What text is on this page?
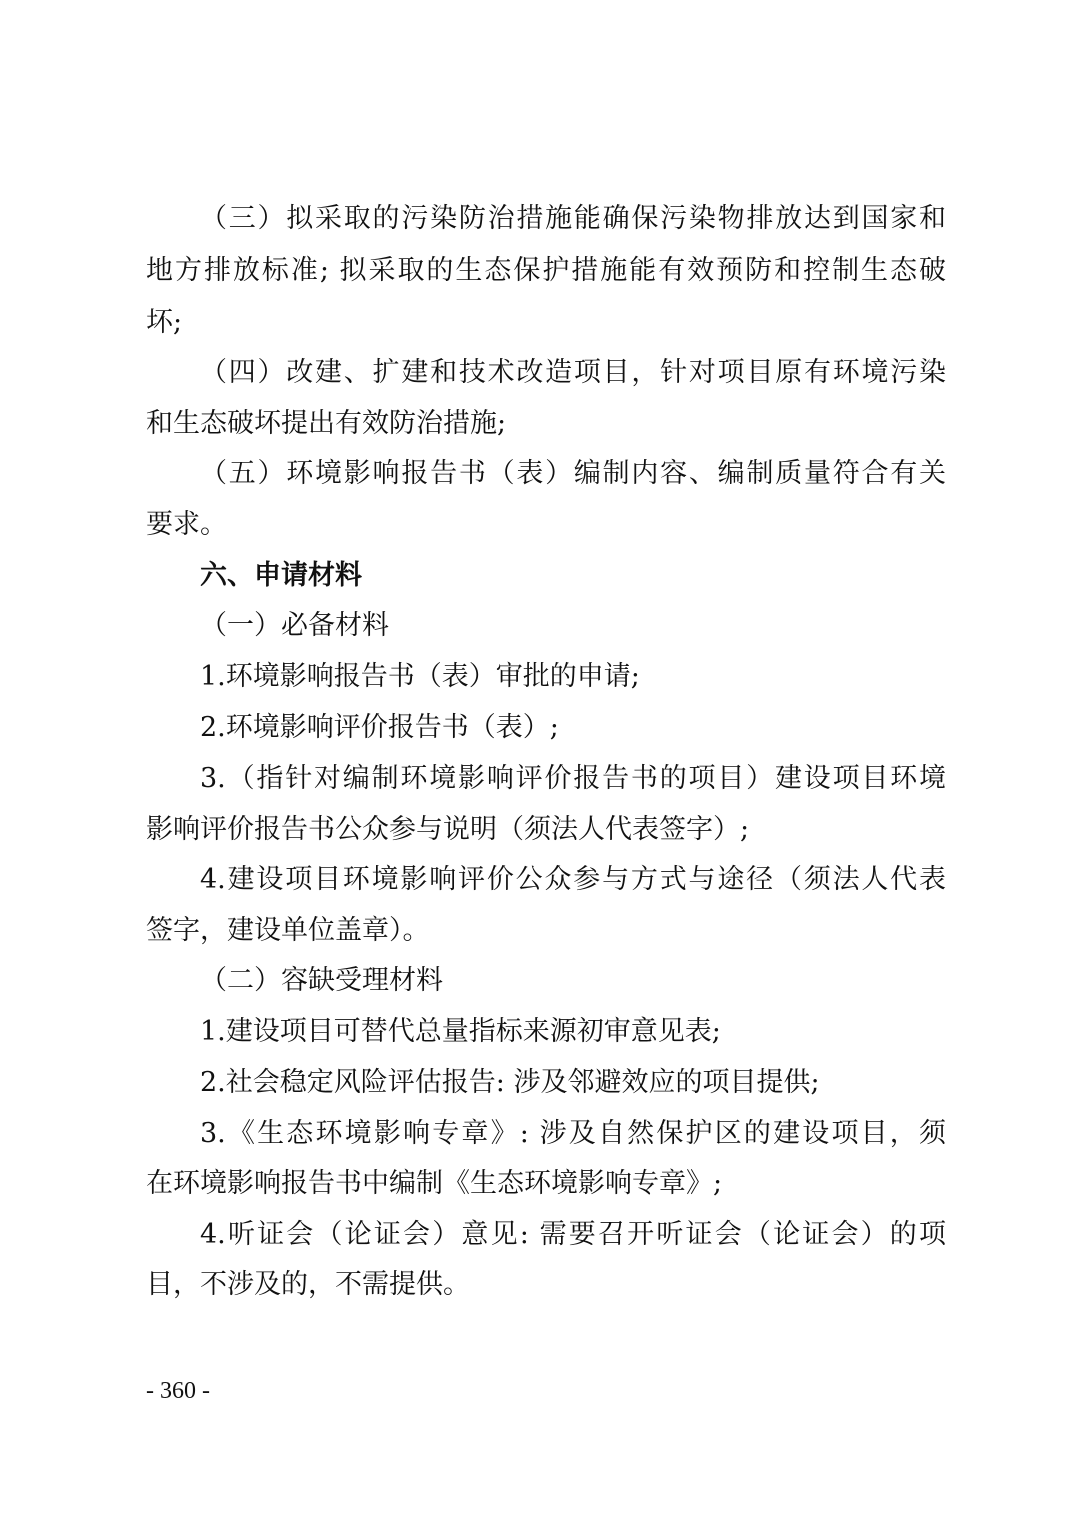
（三）拟采取的污染防治措施能确保污染物排放达到国家和
地方排放标准; 拟采取的生态保护措施能有效预防和控制生态破
坏;
（四）改建、扩建和技术改造项目，针对项目原有环境污染
和生态破坏提出有效防治措施;
（五）环境影响报告书（表）编制内容、编制质量符合有关
要求。
六、申请材料
（一）必备材料
1.环境影响报告书（表）审批的申请;
2.环境影响评价报告书（表）;
3.（指针对编制环境影响评价报告书的项目）建设项目环境
影响评价报告书公众参与说明（须法人代表签字）;
4.建设项目环境影响评价公众参与方式与途径（须法人代表
签字，建设单位盖章）。
（二）容缺受理材料
1.建设项目可替代总量指标来源初审意见表;
2.社会稳定风险评估报告: 涉及邻避效应的项目提供;
3.《生态环境影响专章》: 涉及自然保护区的建设项目，须
在环境影响报告书中编制《生态环境影响专章》;
4.听证会（论证会）意见: 需要召开听证会（论证会）的项
目，不涉及的，不需提供。
- 360 -
